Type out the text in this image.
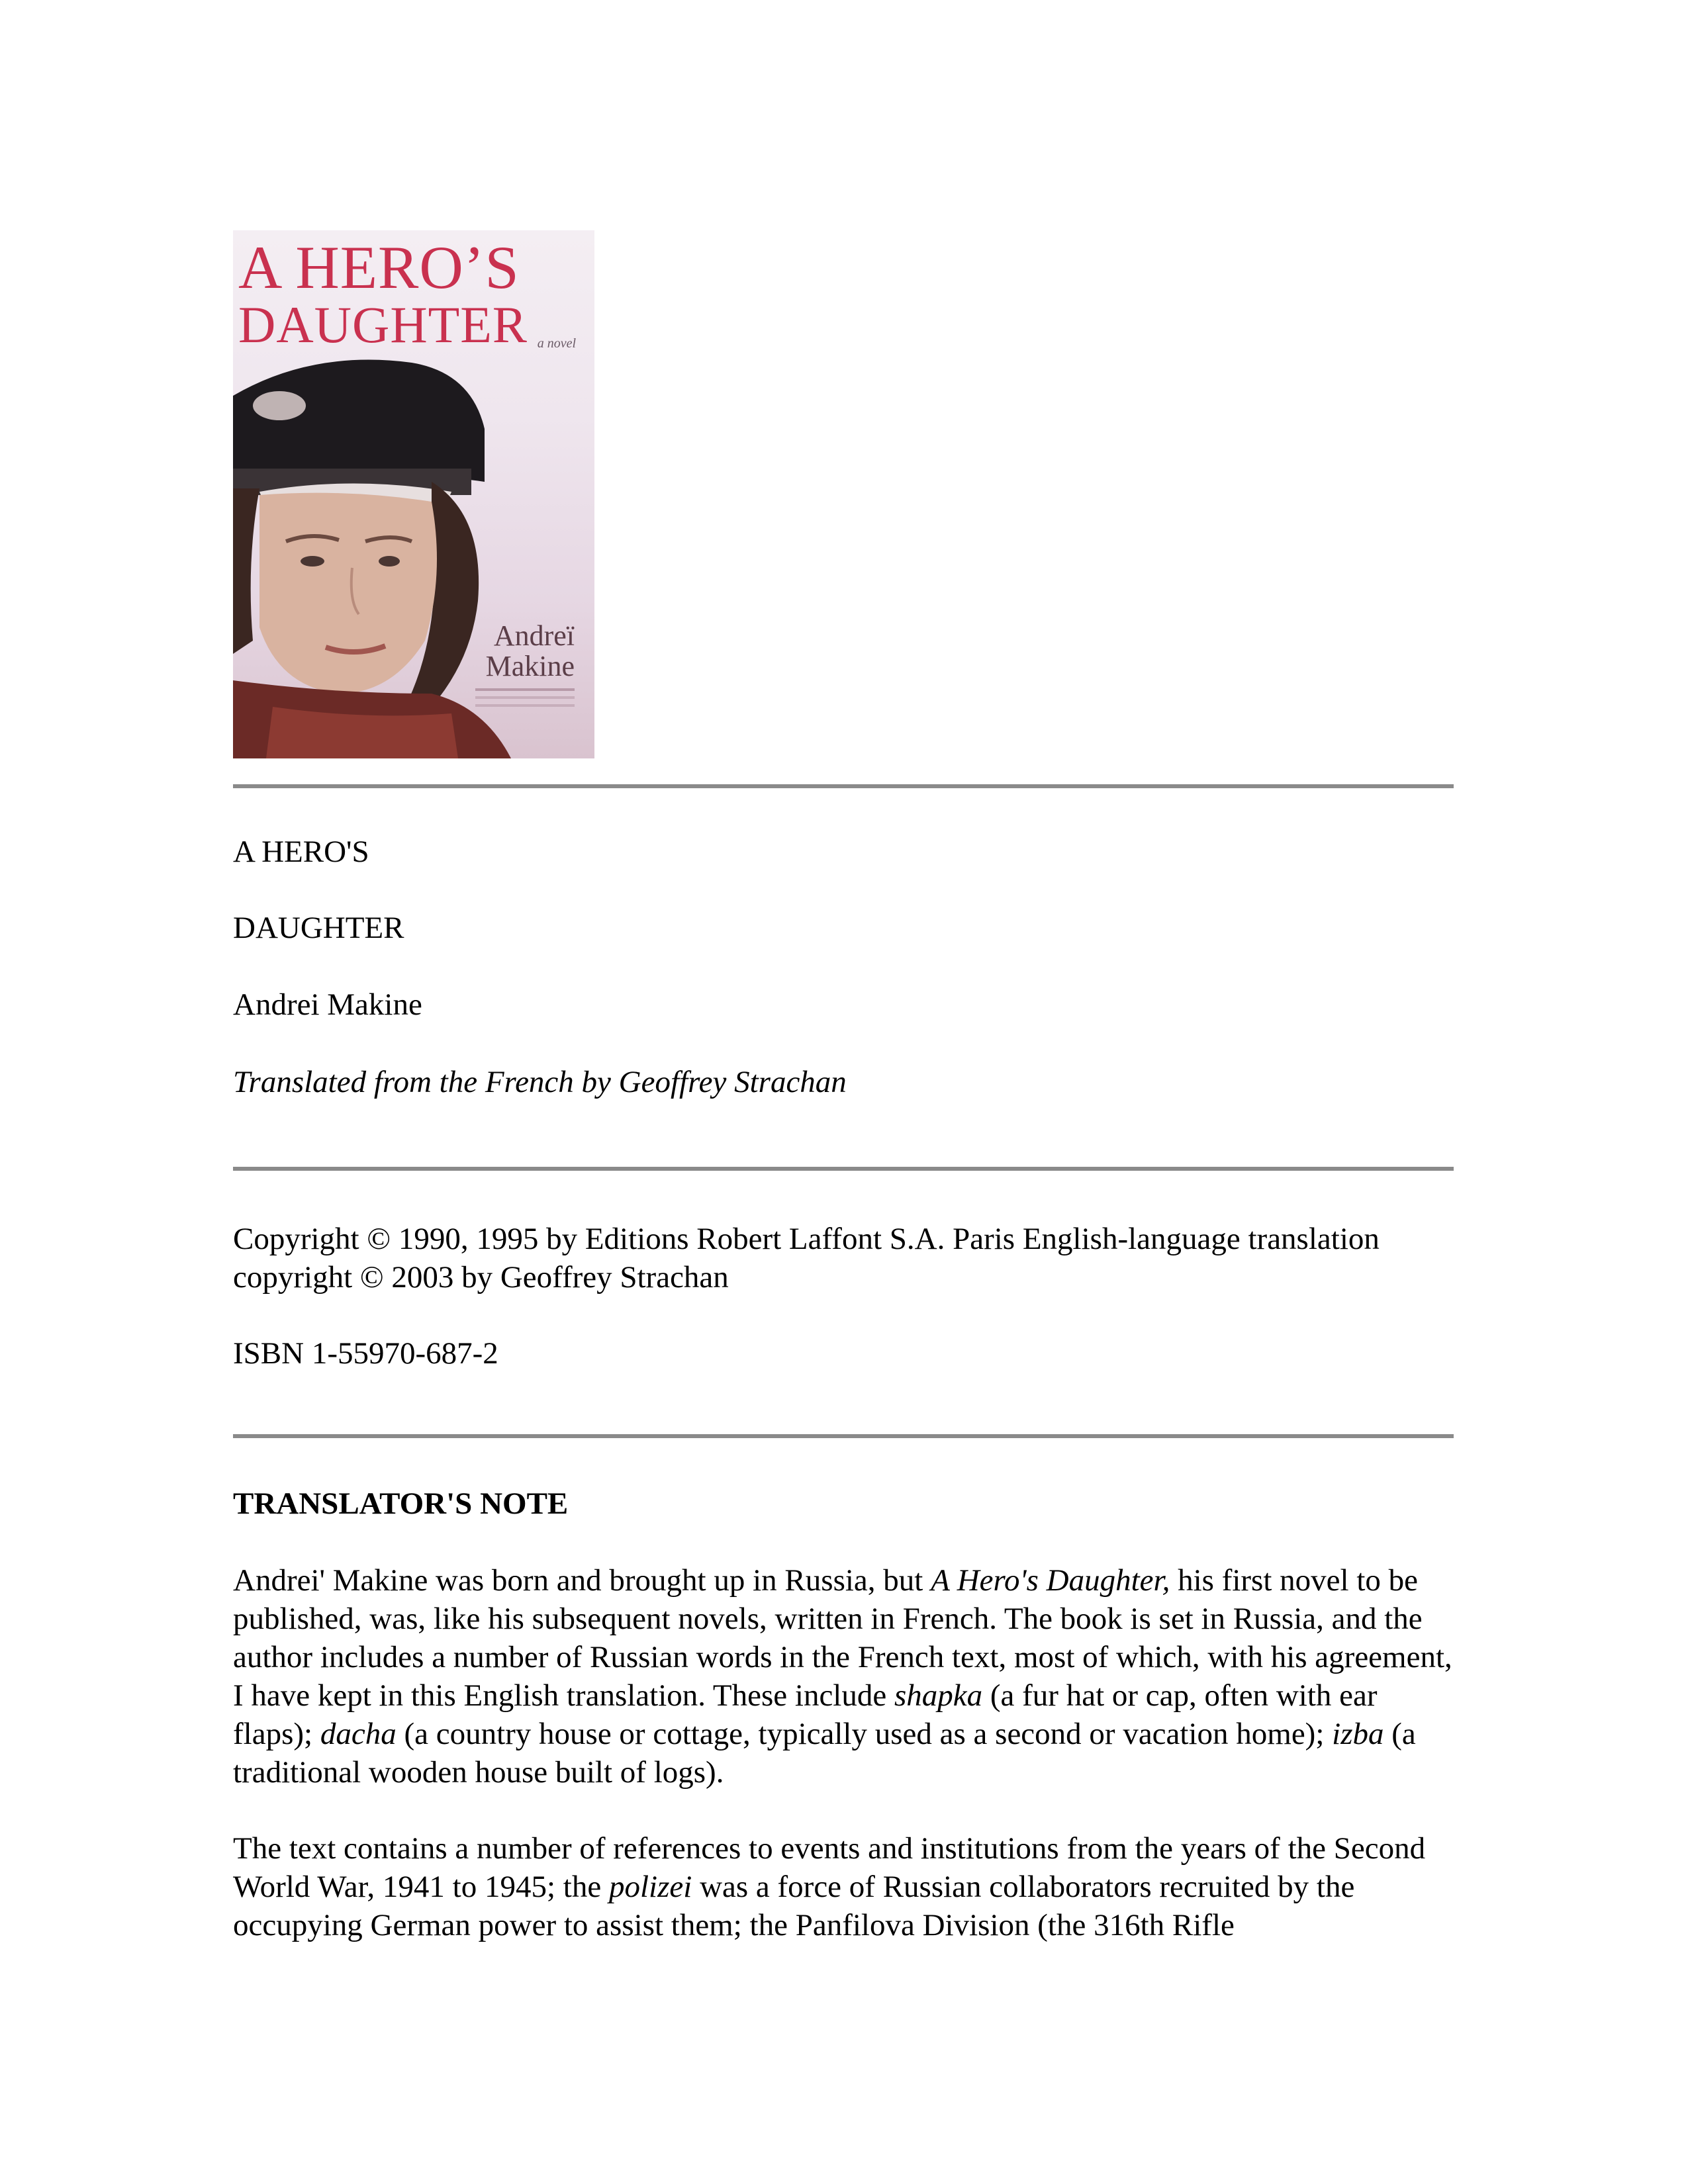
A HERO’S
DAUGHTER a novel
Andreï
Makine

A HERO'S

DAUGHTER

Andrei Makine

Translated from the French by Geoffrey Strachan

Copyright © 1990, 1995 by Editions Robert Laffont S.A. Paris English-language translation copyright © 2003 by Geoffrey Strachan

ISBN 1-55970-687-2

TRANSLATOR'S NOTE

Andrei' Makine was born and brought up in Russia, but A Hero's Daughter, his first novel to be published, was, like his subsequent novels, written in French. The book is set in Russia, and the author includes a number of Russian words in the French text, most of which, with his agreement, I have kept in this English translation. These include shapka (a fur hat or cap, often with ear flaps); dacha (a country house or cottage, typically used as a second or vacation home); izba (a traditional wooden house built of logs).

The text contains a number of references to events and institutions from the years of the Second World War, 1941 to 1945; the polizei was a force of Russian collaborators recruited by the occupying German power to assist them; the Panfilova Division (the 316th Rifle
